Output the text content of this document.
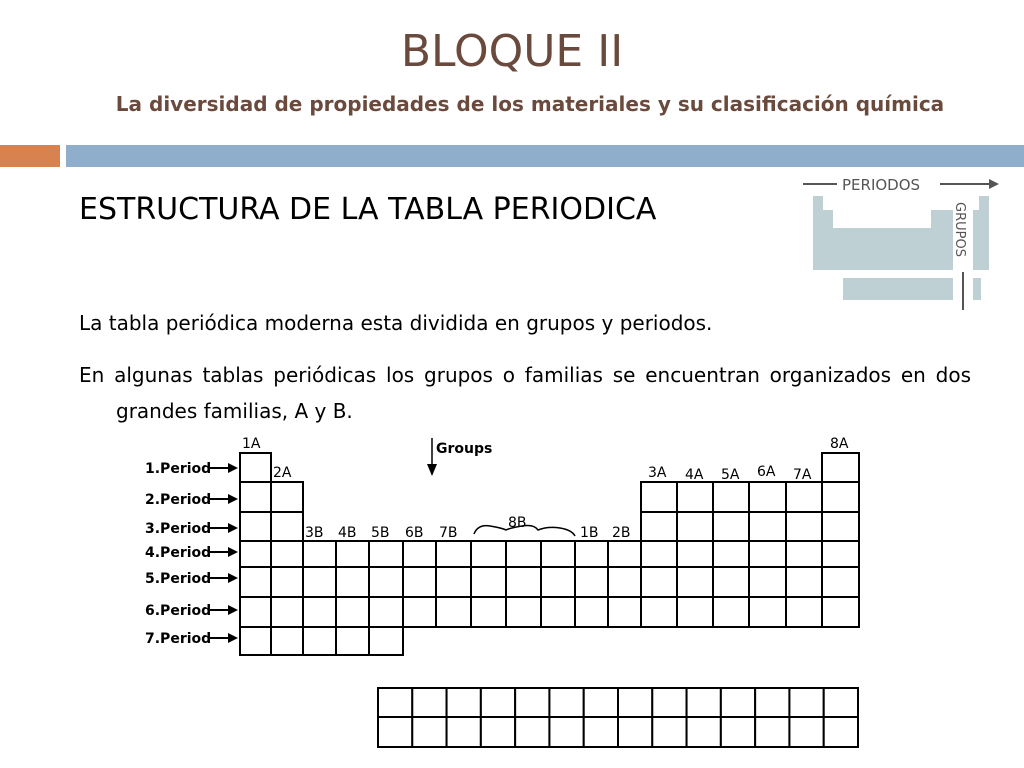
BLOQUE II

La diversidad de propiedades de los materiales y su clasificación química

PERIODOS
GRUPOS
ESTRUCTURA DE LA TABLA PERIODICA

La tabla periódica moderna esta dividida en grupos y periodos.

En algunas tablas periódicas los grupos o familias se encuentran organizados en dos grandes familias, A y B.

1A
2A
3B 4B 5B 6B 7B
8B
1B 2B
3A 4A 5A 6A 7A
8A
1.Period
2.Period
3.Period
4.Period
5.Period
6.Period
7.Period
Groups
